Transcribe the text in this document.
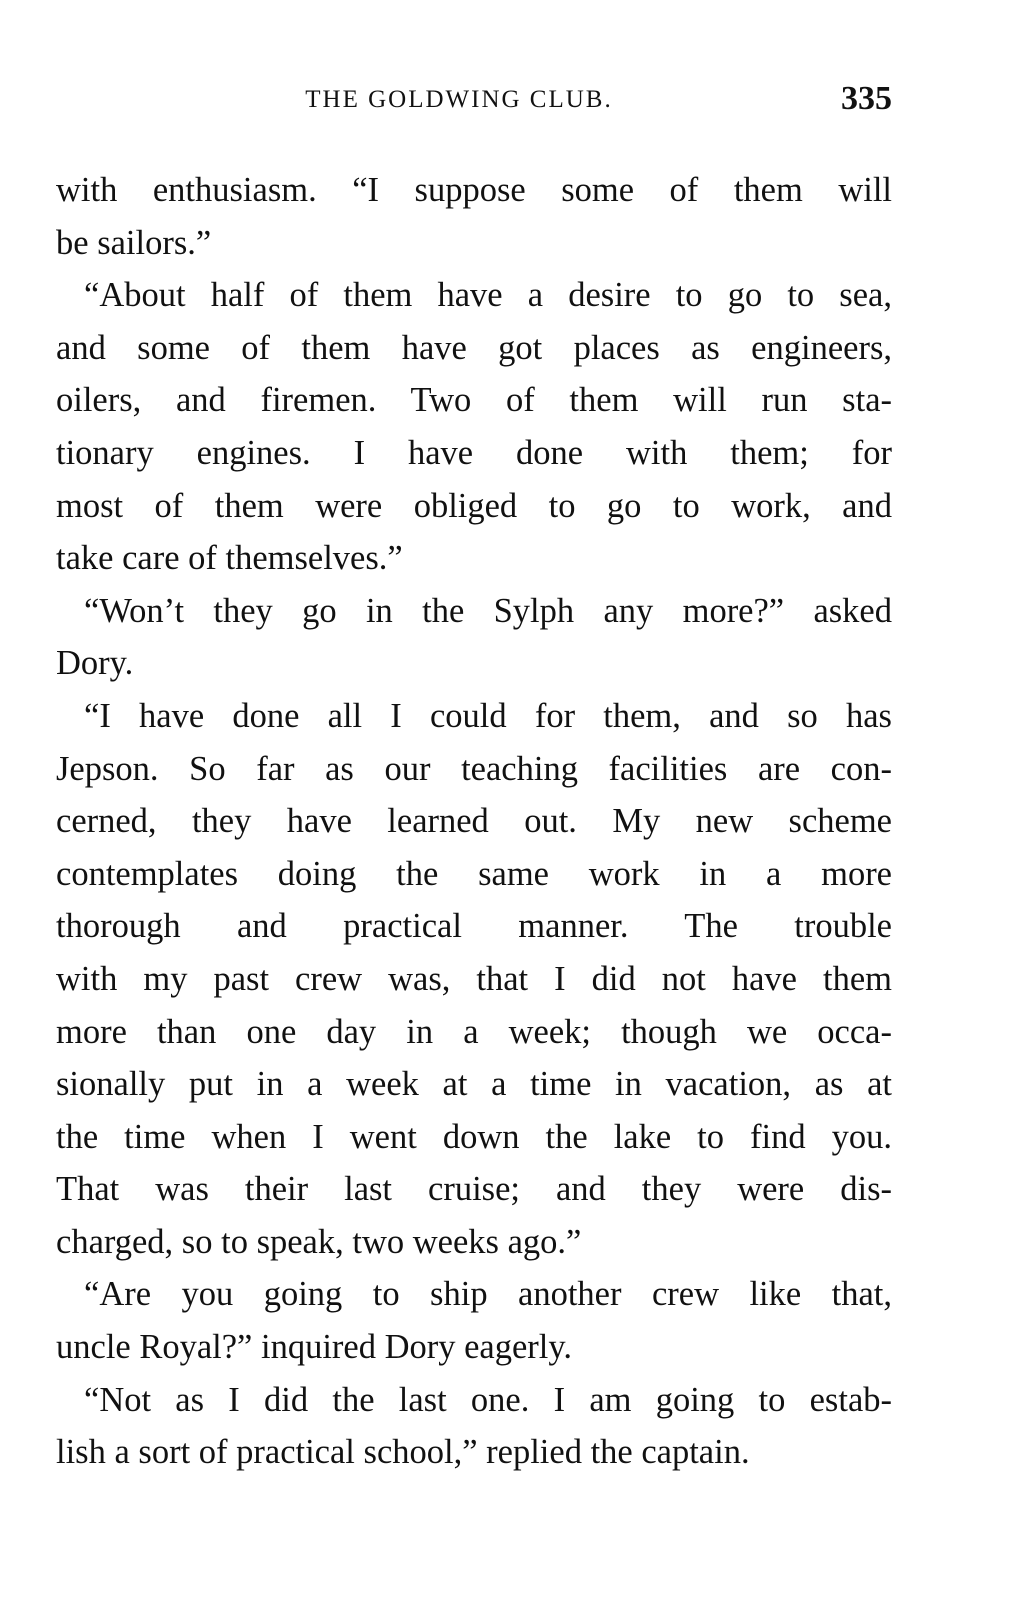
THE GOLDWING CLUB.	335

with enthusiasm. “I suppose some of them will
be sailors.”

“About half of them have a desire to go to sea,
and some of them have got places as engineers,
oilers, and firemen. Two of them will run sta-
tionary engines. I have done with them; for
most of them were obliged to go to work, and
take care of themselves.”

“Won’t they go in the Sylph any more?” asked
Dory.

“I have done all I could for them, and so has
Jepson. So far as our teaching facilities are con-
cerned, they have learned out. My new scheme
contemplates doing the same work in a more
thorough and practical manner. The trouble
with my past crew was, that I did not have them
more than one day in a week; though we occa-
sionally put in a week at a time in vacation, as at
the time when I went down the lake to find you.
That was their last cruise; and they were dis-
charged, so to speak, two weeks ago.”

“Are you going to ship another crew like that,
uncle Royal?” inquired Dory eagerly.

“Not as I did the last one. I am going to estab-
lish a sort of practical school,” replied the captain.
